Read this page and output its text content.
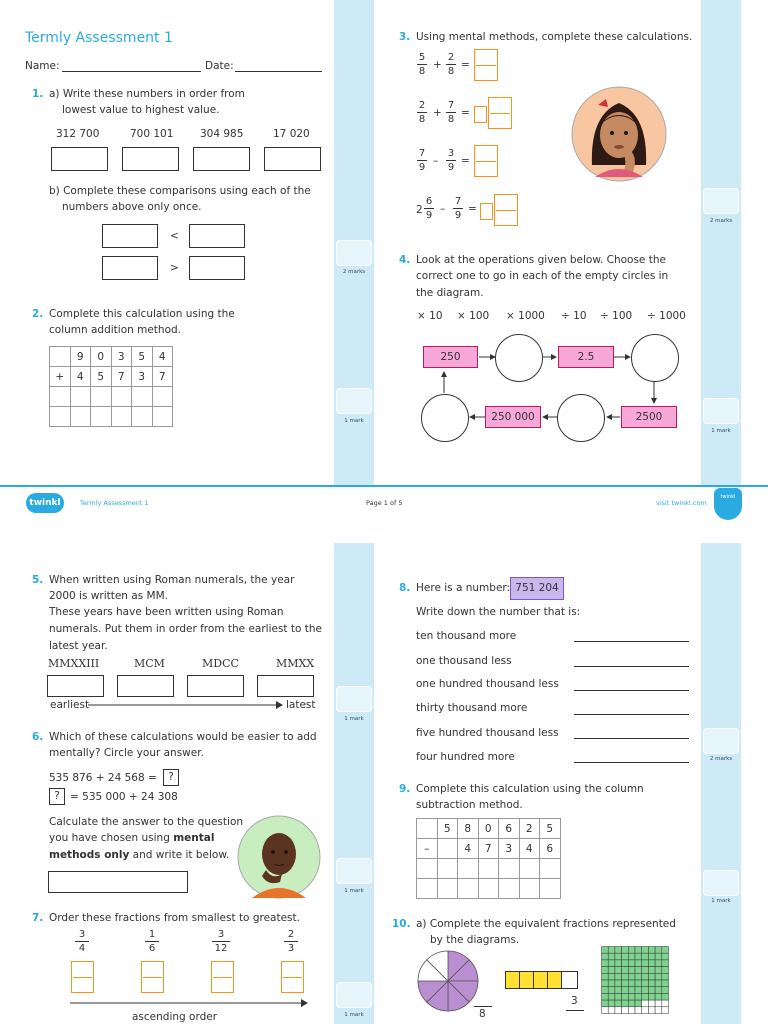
2 marks
1 mark
2 marks
1 mark
1 mark
1 mark
1 mark
2 marks
1 mark
Termly Assessment 1
Name:	Date:
1. a) Write these numbers in order from
lowest value to highest value.
312 700	700 101	304 985	17 020
b) Complete these comparisons using each of the
numbers above only once.
<
>
2. Complete this calculation using the
column addition method.
	9	0	3	5	4
+	4	5	7	3	7

3. Using mental methods, complete these calculations.
5
8
+
2
8
=
2
8
+
7
8
=
7
9
–
3
9
=
2
6
9
–
7
9
=
4. Look at the operations given below. Choose the
correct one to go in each of the empty circles in
the diagram.
× 10 × 100 × 1000 ÷ 10 ÷ 100 ÷ 1000
250	2.5
250 000	2500
twinkl	Termly Assessment 1	Page 1 of 5	visit twinkl.com
twinkl
5. When written using Roman numerals, the year
2000 is written as MM.
These years have been written using Roman
numerals. Put them in order from the earliest to the
latest year.
MMXXIII	MCM	MDCC	MMXX
earliest	latest
6. Which of these calculations would be easier to add
mentally? Circle your answer.
535 876 + 24 568 =	?
? = 535 000 + 24 308
Calculate the answer to the question
you have chosen using mental
methods only and write it below.
7. Order these fractions from smallest to greatest.
3
4
1
6
3
12
2
3
ascending order
8. Here is a number: 751 204
Write down the number that is:
ten thousand more
one thousand less
one hundred thousand less
thirty thousand more
five hundred thousand less
four hundred more
9. Complete this calculation using the column
subtraction method.
	5	8	0	6	2	5
–		4	7	3	4	6

10. a) Complete the equivalent fractions represented
by the diagrams.
8
3
